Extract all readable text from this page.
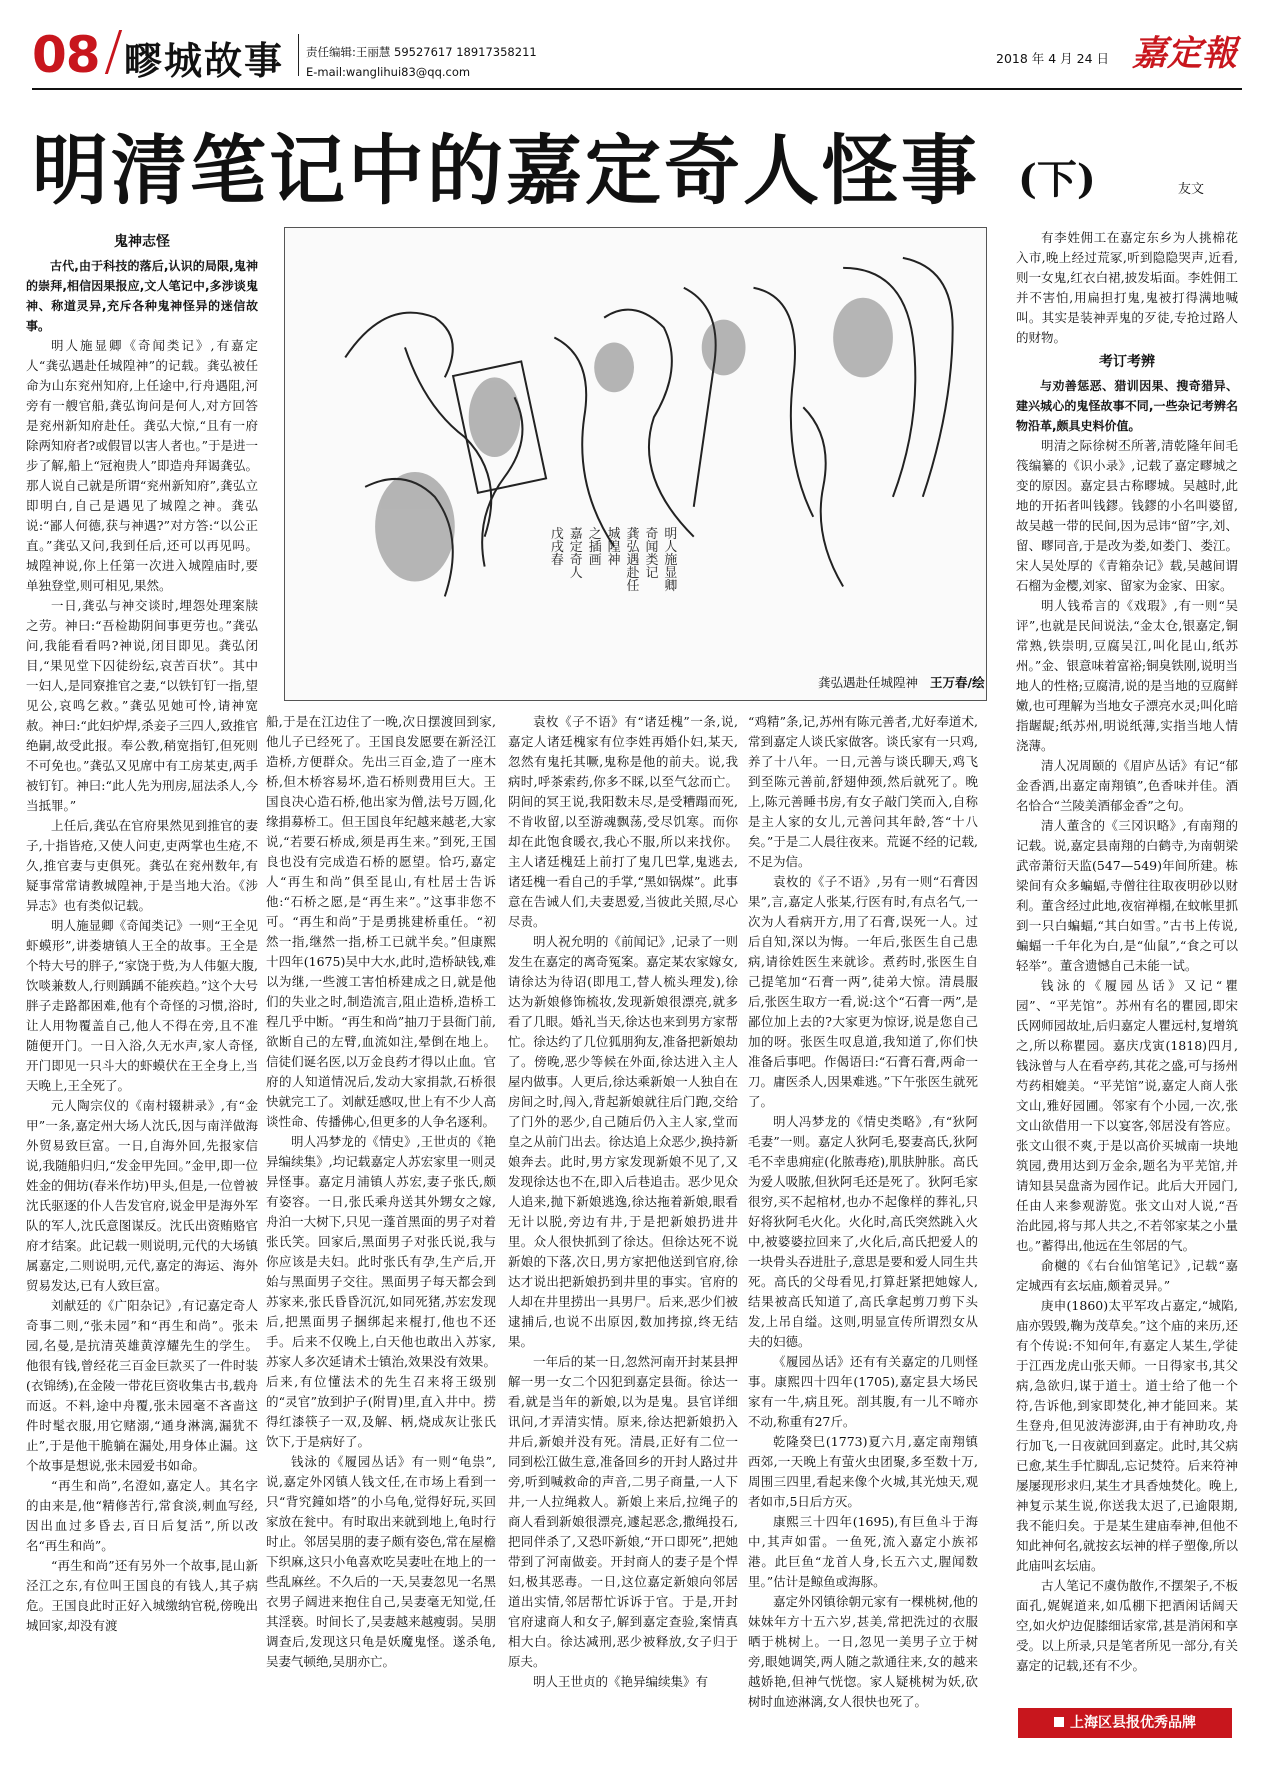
08 疁城故事 责任编辑:王丽慧 59527617 18917358211
E-mail:wanglihui83@qq.com
2018 年 4 月 24 日 嘉定報
明清笔记中的嘉定奇人怪事 (下)	友文
明人施显卿
奇闻类记
龚弘遇赴任
城隍神
之插画
嘉定奇人
戊戌春
龚弘遇赴任城隍神 王万春/绘
鬼神志怪
古代,由于科技的落后,认识的局限,鬼神的崇拜,相信因果报应,文人笔记中,多涉谈鬼神、称道灵异,充斥各种鬼神怪异的迷信故事。

明人施显卿《奇闻类记》,有嘉定人“龚弘遇赴任城隍神”的记载。龚弘被任命为山东兖州知府,上任途中,行舟遇阻,河旁有一艘官船,龚弘询问是何人,对方回答是兖州新知府赴任。龚弘大惊,“且有一府除两知府者?或假冒以害人者也。”于是进一步了解,船上“冠袍贵人”即造舟拜谒龚弘。那人说自己就是所谓“兖州新知府”,龚弘立即明白,自己是遇见了城隍之神。龚弘说:“鄙人何德,获与神遇?”对方答:“以公正直。”龚弘又问,我到任后,还可以再见吗。城隍神说,你上任第一次进入城隍庙时,要单独登堂,则可相见,果然。

一日,龚弘与神交谈时,埋怨处理案牍之劳。神曰:“吾检勘阴间事更劳也。”龚弘问,我能看看吗?神说,闭目即见。龚弘闭目,“果见堂下囚徒纷纭,哀苦百状”。其中一妇人,是同寮推官之妻,“以铁钉钉一指,望见公,哀鸣乞救。”龚弘见她可怜,请神宽赦。神曰:“此妇炉焊,杀妾子三四人,致推官绝嗣,故受此报。奉公教,稍宽指钉,但死则不可免也。”龚弘又见席中有工房某吏,两手被钉钉。神曰:“此人先为刑房,屈法杀人,今当抵罪。”

上任后,龚弘在官府果然见到推官的妻子,十指皆疮,又使人问吏,吏两掌也生疮,不久,推官妻与吏俱死。龚弘在兖州数年,有疑事常常请教城隍神,于是当地大治。《涉异志》也有类似记载。

明人施显卿《奇闻类记》一则“王全见虾蟆形”,讲娄塘镇人王全的故事。王全是个特大号的胖子,“家饶于赀,为人伟躯大腹,饮啖兼数人,行则踽踽不能疾趋。”这个大号胖子走路都困难,他有个奇怪的习惯,浴时,让人用物覆盖自己,他人不得在旁,且不准随便开门。一日入浴,久无水声,家人奇怪,开门即见一只斗大的虾蟆伏在王全身上,当天晚上,王全死了。

元人陶宗仪的《南村辍耕录》,有“金甲”一条,嘉定州大场人沈氏,因与南洋做海外贸易致巨富。一日,自海外回,先报家信说,我随船归归,“发金甲先回。”金甲,即一位姓金的佣坊(春米作坊)甲头,但是,一位曾被沈氏驱逐的仆人告发官府,说金甲是海外军队的军人,沈氏意图谋反。沈氏出资贿赂官府才结案。此记载一则说明,元代的大场镇属嘉定,二则说明,元代,嘉定的海运、海外贸易发达,已有人致巨富。

刘献廷的《广阳杂记》,有记嘉定奇人奇事二则,“张未园”和“再生和尚”。张未园,名曼,是抗清英雄黄淳耀先生的学生。他很有钱,曾经花三百金巨款买了一件时装(衣锦绣),在金陵一带花巨资收集古书,载舟而返。不料,途中舟覆,张未园毫不吝啬这件时髦衣服,用它赌溺,“通身淋漓,漏犹不止”,于是他干脆躺在漏处,用身体止漏。这个故事是想说,张未园爱书如命。

“再生和尚”,名澄如,嘉定人。其名字的由来是,他“精修苦行,常食淡,刺血写经,因出血过多昏去,百日后复活”,所以改名“再生和尚”。

“再生和尚”还有另外一个故事,昆山新泾江之东,有位叫王国良的有钱人,其子病危。王国良此时正好入城缴纳官税,傍晚出城回家,却没有渡

船,于是在江边住了一晚,次日摆渡回到家,他儿子已经死了。王国良发愿要在新泾江造桥,方便群众。先出三百金,造了一座木桥,但木桥容易坏,造石桥则费用巨大。王国良决心造石桥,他出家为僧,法号万圆,化缘捐募桥工。但王国良年纪越来越老,大家说,“若要石桥成,须是再生来。”到死,王国良也没有完成造石桥的愿望。恰巧,嘉定人“再生和尚”俱至昆山,有杜居士告诉他:“石桥之愿,是“再生来”。”这事非您不可。“再生和尚”于是勇挑建桥重任。“初然一指,继然一指,桥工已就半矣。”但康熙十四年(1675)吴中大水,此时,造桥缺钱,难以为继,一些渡工害怕桥建成之日,就是他们的失业之时,制造流言,阻止造桥,造桥工程几乎中断。“再生和尚”抽刀于县衙门前,欲断自己的左臂,血流如注,晕倒在地上。信徒们诞名医,以万金良药才得以止血。官府的人知道情况后,发动大家捐款,石桥很快就完工了。刘献廷感叹,世上有不少人高谈性命、传播佛心,但更多的人争名逐利。

明人冯梦龙的《情史》,王世贞的《艳异编续集》,均记载嘉定人苏宏家里一则灵异怪事。嘉定月浦镇人苏宏,妻子张氏,颇有姿容。一日,张氏乘舟送其外甥女之嫁,舟泊一大树下,只见一蓬首黑面的男子对着张氏笑。回家后,黑面男子对张氏说,我与你应该是夫妇。此时张氏有孕,生产后,开始与黑面男子交往。黑面男子每天都会到苏家来,张氏昏昏沉沉,如同死猪,苏宏发现后,把黑面男子捆绑起来棍打,他也不还手。后来不仅晚上,白天他也敢出入苏家,苏家人多次延请术士镇治,效果没有效果。后来,有位懂法术的先生召来将王级别的“灵官”放到护子(附胃)里,直入井中。捞得红漆筷子一双,及解、柄,烧成灰让张氏饮下,于是病好了。

钱泳的《履园丛话》有一则“龟祟”,说,嘉定外冈镇人钱文任,在市场上看到一只“背究鐘如塔”的小乌龟,觉得好玩,买回家放在瓮中。有时取出来就到地上,龟时行时止。邻居吴朋的妻子颇有姿色,常在屋檐下织麻,这只小龟喜欢吃吴妻吐在地上的一些乱麻丝。不久后的一天,吴妻忽见一名黑衣男子阔进来抱住自己,吴妻毫无知觉,任其淫亵。时间长了,吴妻越来越瘦弱。吴朋调查后,发现这只龟是妖魔鬼怪。遂杀龟,吴妻气顿绝,吴朋亦亡。

袁枚《子不语》有“诸廷槐”一条,说,嘉定人诸廷槐家有位李姓再婚仆妇,某天,忽然有鬼托其噘,鬼称是他的前夫。说,我病时,呼茶索药,你多不睬,以至气忿而亡。阴间的冥王说,我阳数未尽,是受糟蹋而死,不肯收留,以至游魂飘荡,受尽饥寒。而你却在此饱食暖衣,我心不服,所以来找你。主人诸廷槐廷上前打了鬼几巴掌,鬼逃去,诸廷槐一看自己的手掌,“黑如锅煤”。此事意在告诫人们,夫妻恩爱,当彼此关照,尽心尽责。

明人祝允明的《前闻记》,记录了一则发生在嘉定的离奇冤案。嘉定某农家嫁女,请徐达为待诏(即甩工,替人梳头理发),徐达为新娘修饰梳妆,发现新娘很漂亮,就多看了几眼。婚礼当天,徐达也来到男方家帮忙。徐达约了几位狐朋狗友,准备把新娘劫了。傍晚,恶少等候在外面,徐达进入主人屋内做事。人更后,徐达乘新娘一人独自在房间之时,闯入,背起新娘就往后门跑,交给了门外的恶少,自己随后仍入主人家,堂而皇之从前门出去。徐达追上众恶少,换持新娘奔去。此时,男方家发现新娘不见了,又发现徐达也不在,即入后巷追击。恶少见众人追来,抛下新娘逃逸,徐达拖着新娘,眼看无计以脱,旁边有井,于是把新娘扔进井里。众人很快抓到了徐达。但徐达死不说新娘的下落,次日,男方家把他送到官府,徐达才说出把新娘扔到井里的事实。官府的人却在井里捞出一具男尸。后来,恶少们被逮捕后,也说不出原因,数加拷掠,终无结果。

一年后的某一日,忽然河南开封某县押解一男一女二个囚犯到嘉定县衙。徐达一看,就是当年的新娘,以为是鬼。县官详细讯问,才弄清实情。原来,徐达把新娘扔入井后,新娘并没有死。清晨,正好有二位一同到松江做生意,准备回乡的开封人路过井旁,听到喊救命的声音,二男子商量,一人下井,一人拉绳救人。新娘上来后,拉绳子的商人看到新娘很漂亮,遽起恶念,撒绳投石,把同伴杀了,又恐吓新娘,“开口即死”,把她带到了河南做妾。开封商人的妻子是个悍妇,极其恶毒。一日,这位嘉定新娘向邻居道出实情,邻居帮忙诉诉于官。于是,开封官府逮商人和女子,解到嘉定查验,案情真相大白。徐达减刑,恶少被释放,女子归于原夫。

明人王世贞的《艳异编续集》有

“鸡精”条,记,苏州有陈元善者,尤好奉道术,常到嘉定人谈氏家做客。谈氏家有一只鸡,养了十八年。一日,元善与谈氏聊天,鸡飞到至陈元善前,舒翅伸颈,然后就死了。晚上,陈元善睡书房,有女子敲门笑而入,自称是主人家的女儿,元善问其年龄,答“十八矣。”于是二人晨往夜来。荒诞不经的记载,不足为信。

袁枚的《子不语》,另有一则“石膏因果”,言,嘉定人张某,行医有时,有点名气,一次为人看病开方,用了石膏,误死一人。过后自知,深以为悔。一年后,张医生自己患病,请徐姓医生来就诊。煮药时,张医生自己提笔加“石膏一两”,徒弟大惊。清晨服后,张医生取方一看,说:这个“石膏一两”,是鄙位加上去的?大家更为惊讶,说是您自己加的呀。张医生叹息道,我知道了,你们快准备后事吧。作偈语曰:“石膏石膏,两命一刀。庸医杀人,因果难逃。”下午张医生就死了。

明人冯梦龙的《情史类略》,有“狄阿毛妻”一则。嘉定人狄阿毛,娶妻高氏,狄阿毛不幸患痈症(化脓毒疮),肌肤肿胀。高氏为爱人吸脓,但狄阿毛还是死了。狄阿毛家很穷,买不起棺材,也办不起像样的葬礼,只好将狄阿毛火化。火化时,高氏突然跳入火中,被婆婆拉回来了,火化后,高氏把爱人的一块骨头吞进肚子,意思是要和爱人同生共死。高氏的父母看见,打算赶紧把她嫁人,结果被高氏知道了,高氏拿起剪刀剪下头发,上吊自缢。这则,明显宣传所谓烈女从夫的妇德。

《履园丛话》还有有关嘉定的几则怪事。康熙四十四年(1705),嘉定县大场民家有一牛,病且死。剖其腹,有一儿不啼亦不动,称重有27斤。

乾隆癸巳(1773)夏六月,嘉定南翔镇西郊,一天晚上有萤火虫团聚,多至数十万,周围三四里,看起来像个火城,其光烛天,观者如市,5日后方灭。

康熙三十四年(1695),有巨鱼斗于海中,其声如雷。一鱼死,流入嘉定小族祁港。此巨鱼“龙首人身,长五六丈,腥闻数里。”估计是鲸鱼或海豚。

嘉定外冈镇徐朝元家有一棵桃树,他的妹妹年方十五六岁,甚美,常把洗过的衣服晒于桃树上。一日,忽见一美男子立于树旁,眼她调笑,两人随之款通往来,女的越来越娇艳,但神气恍惚。家人疑桃树为妖,砍树时血迹淋漓,女人很快也死了。

有李姓佣工在嘉定东乡为人挑棉花入市,晚上经过荒冢,听到隐隐哭声,近看,则一女鬼,红衣白裙,披发垢面。李姓佣工并不害怕,用扁担打鬼,鬼被打得满地喊叫。其实是装神弄鬼的歹徒,专抢过路人的财物。

考订考辨
与劝善惩恶、猎训因果、搜奇猎异、建兴城心的鬼怪故事不同,一些杂记考辨名物沿革,颇具史料价值。

明清之际徐树丕所著,清乾隆年间毛筏编纂的《识小录》,记载了嘉定疁城之变的原因。嘉定县古称疁城。吴越时,此地的开拓者叫钱鏐。钱鏐的小名叫婆留,故吴越一带的民间,因为忌讳“留”字,刘、留、疁同音,于是改为娄,如娄门、娄江。宋人吴处厚的《青箱杂记》载,吴越间谓石榴为金樱,刘家、留家为金家、田家。

明人钱希言的《戏瑕》,有一则“吴评”,也就是民间说法,“金太仓,银嘉定,铜常熟,铁崇明,豆腐吴江,叫化昆山,纸苏州。”金、银意味着富裕;铜臭铁刚,说明当地人的性格;豆腐清,说的是当地的豆腐鲜嫩,也可理解为当地女子漂亮水灵;叫化暗指龌龊;纸苏州,明说纸薄,实指当地人情浇薄。

清人况周颐的《眉庐丛话》有记“郁金香酒,出嘉定南翔镇”,色香味并佳。酒名恰合“兰陵美酒郁金香”之句。

清人董含的《三冈识略》,有南翔的记载。说,嘉定县南翔的白鹤寺,为南朝梁武帝萧衍天监(547—549)年间所建。栋梁间有众多蝙蝠,寺僧往往取夜明砂以财利。董含经过此地,夜宿禅榻,在蚊帐里抓到一只白蝙蝠,“其白如雪。”古书上传说,蝙蝠一千年化为白,是“仙鼠”,“食之可以轻举”。董含遗憾自己未能一试。

钱泳的《履园丛话》又记“瞿园”、“平芜馆”。苏州有名的瞿园,即宋氏网师园故址,后归嘉定人瞿远村,复增筑之,所以称瞿园。嘉庆戊寅(1818)四月,钱泳曾与人在看亭药,其花之盛,可与扬州芍药相媲美。“平芜馆”说,嘉定人商人张文山,雅好园圃。邻家有个小园,一次,张文山欲借用一下以宴客,邻居没有答应。张文山很不爽,于是以高价买城南一块地筑园,费用达到万金余,题名为平芜馆,并请知县吴盘斋为园作记。此后大开园门,任由人来参观游览。张文山对人说,“吾治此园,将与邦人共之,不若邻家某之小量也。”蓄得出,他远在生邻居的气。

俞樾的《右台仙馆笔记》,记载“嘉定城西有玄坛庙,颇着灵异。”

庚申(1860)太平军攻占嘉定,“城陷,庙亦毁毁,鞠为茂草矣。”这个庙的来历,还有个传说:不知何年,有嘉定人某生,学徒于江西龙虎山张天师。一日得家书,其父病,急欲归,谋于道士。道士给了他一个符,告诉他,到家即焚化,神才能回来。某生登舟,但见波涛澎湃,由于有神助攻,舟行加飞,一日夜就回到嘉定。此时,其父病已愈,某生手忙脚乱,忘记焚符。后来符神屡屡现形求归,某生才具香烛焚化。晚上,神复示某生说,你送我太迟了,已逾限期,我不能归矣。于是某生建庙奉神,但他不知此神何名,就按玄坛神的样子塑像,所以此庙叫玄坛庙。

古人笔记不虞伪散作,不摆架子,不板面孔,娓娓道来,如瓜棚下把酒闲话阔天空,如火炉边促膝细话家常,甚是消闲和享受。以上所录,只是笔者所见一部分,有关嘉定的记载,还有不少。

上海区县报优秀品牌
